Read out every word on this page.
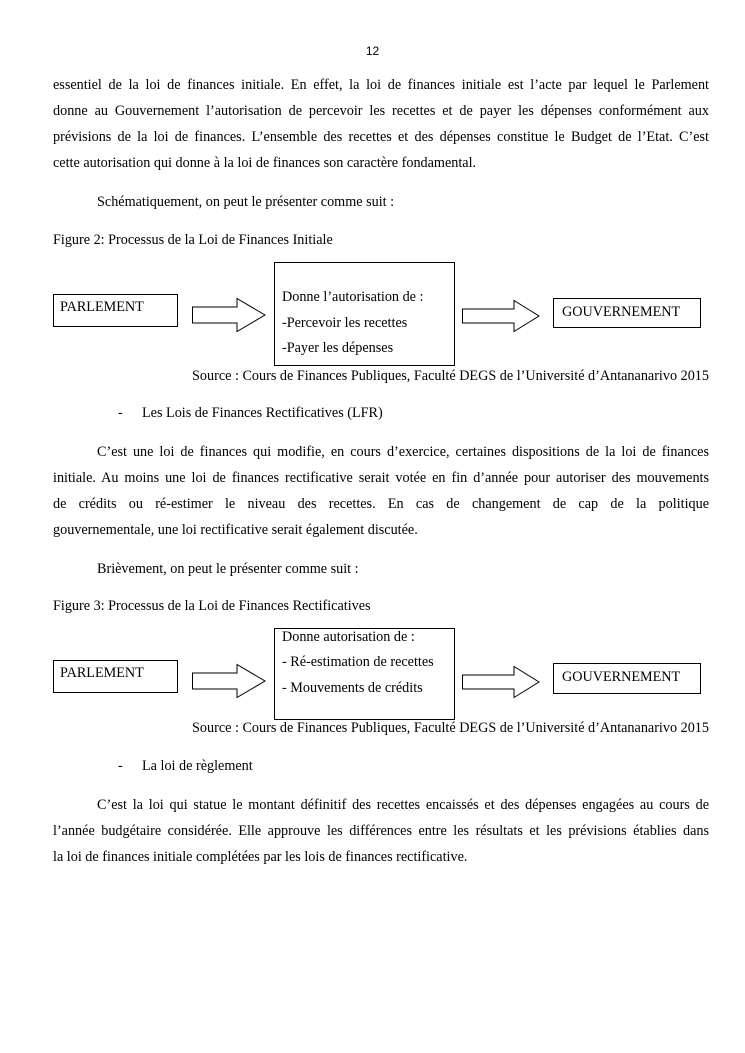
12
essentiel de la loi de finances initiale. En effet, la loi de finances initiale est l’acte par lequel le Parlement
donne au Gouvernement l’autorisation de percevoir les recettes et de payer les dépenses conformément aux
prévisions de la loi de finances. L’ensemble des recettes et des dépenses constitue le Budget de l’Etat. C’est
cette autorisation qui donne à la loi de finances son caractère fondamental.
Schématiquement, on peut le présenter comme suit :
Figure 2: Processus de la Loi de Finances Initiale
PARLEMENT
Donne l’autorisation de :
-Percevoir les recettes
-Payer les dépenses
GOUVERNEMENT
Source : Cours de Finances Publiques, Faculté DEGS de l’Université d’Antananarivo 2015
- Les Lois de Finances Rectificatives (LFR)
C’est une loi de finances qui modifie, en cours d’exercice, certaines dispositions de la loi de finances
initiale. Au moins une loi de finances rectificative serait votée en fin d’année pour autoriser des mouvements
de crédits ou ré-estimer le niveau des recettes. En cas de changement de cap de la politique
gouvernementale, une loi rectificative serait également discutée.
Brièvement, on peut le présenter comme suit :
Figure 3: Processus de la Loi de Finances Rectificatives
PARLEMENT
Donne autorisation de :
- Ré-estimation de recettes
- Mouvements de crédits
GOUVERNEMENT
Source : Cours de Finances Publiques, Faculté DEGS de l’Université d’Antananarivo 2015
- La loi de règlement
C’est la loi qui statue le montant définitif des recettes encaissés et des dépenses engagées au cours de
l’année budgétaire considérée. Elle approuve les différences entre les résultats et les prévisions établies dans
la loi de finances initiale complétées par les lois de finances rectificative.
